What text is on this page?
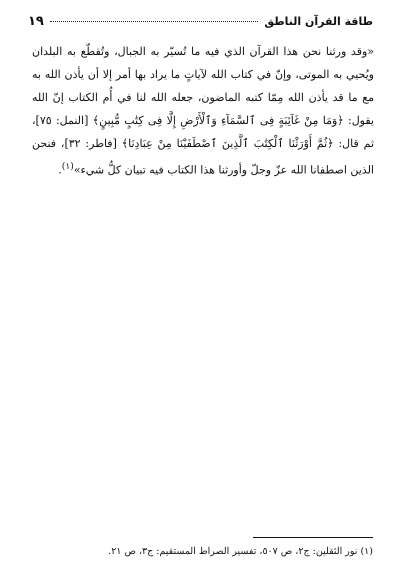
طاقة القرآن الناطق
١٩

«وقد ورثنا نحن هذا القرآن الذي فيه ما تُسيّر به الجبال، وتُقطّع به البلدان ويُحيي به الموتى، وإنّ في كتاب الله لآياتٍ ما يراد بها أمر إلا أن يأذن الله به مع ما قد يأذن الله مِمّا كتبه الماضون، جعله الله لنا في أُم الكتاب إنّ الله يقول: ﴿وَمَا مِنْ غَآئِبَةٍ فِى ٱلسَّمَآءِ وَٱلْأَرْضِ إِلَّا فِى كِتَٰبٍ مُّبِينٍ﴾ [النمل: ٧٥]، ثم قال: ﴿ثُمَّ أَوْرَثْنَا ٱلْكِتَٰبَ ٱلَّذِينَ ٱصْطَفَيْنَا مِنْ عِبَادِنَا﴾ [فاطر: ٣٢]، فنحن الذين اصطفانا الله عزّ وجلّ وأورثنا هذا الكتاب فيه تبيان كلُّ شيء»$^{(١)}$.

(١) نور الثقلين: ج٢، ص ٥٠٧، تفسير الصراط المستقيم: ج٣، ص ٢١.
